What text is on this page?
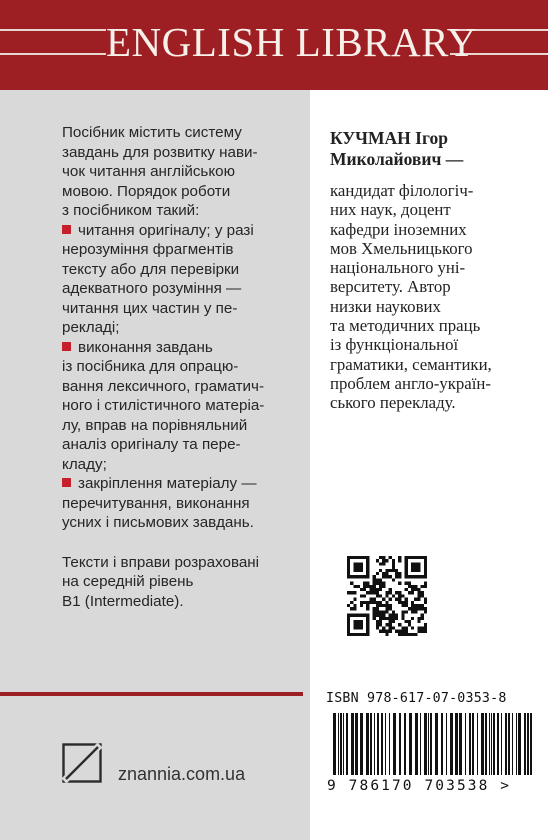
ENGLISH LIBRARY

Посібник містить систему
завдань для розвитку нави-
чок читання англійською
мовою. Порядок роботи
з посібником такий:

читання оригіналу; у разі
нерозуміння фрагментів
тексту або для перевірки
адекватного розуміння —
читання цих частин у пе-
рекладі;

виконання завдань
із посібника для опрацю-
вання лексичного, граматич-
ного і стилістичного матеріа-
лу, вправ на порівняльний
аналіз оригіналу та пере-
кладу;

закріплення матеріалу —
перечитування, виконання
усних і письмових завдань.

Тексти і вправи розраховані
на середній рівень
B1 (Intermediate).

znannia.com.ua
КУЧМАН Ігор
Миколайович —
кандидат філологіч-
них наук, доцент
кафедри іноземних
мов Хмельницького
національного уні-
верситету. Автор
низки наукових
та методичних праць
із функціональної
граматики, семантики,
проблем англо-україн-
ського перекладу.
ISBN 978-617-07-0353-8
9 786170 703538 >
